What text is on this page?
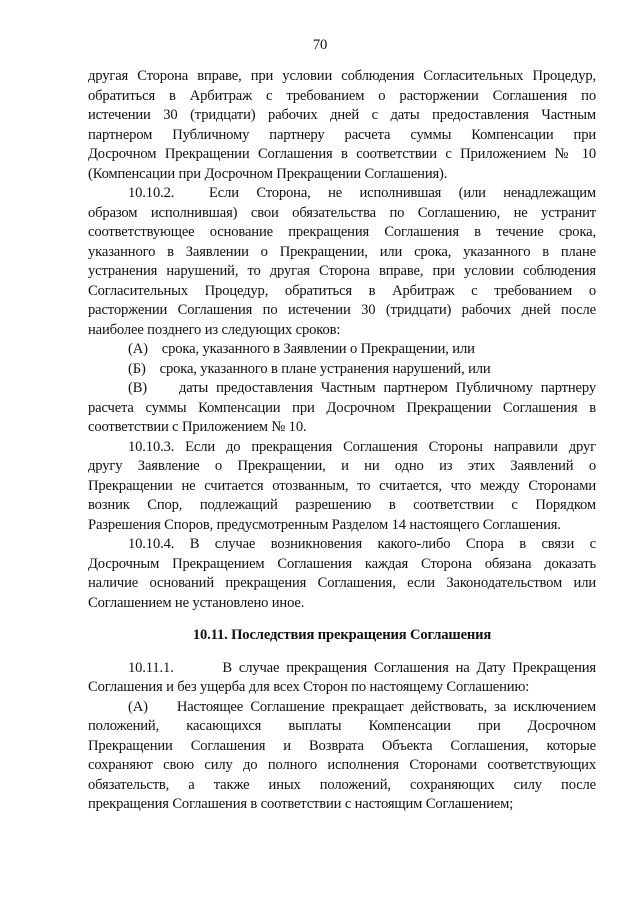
70
другая Сторона вправе, при условии соблюдения Согласительных Процедур,
обратиться в Арбитраж с требованием о расторжении Соглашения по
истечении 30 (тридцати) рабочих дней с даты предоставления Частным
партнером Публичному партнеру расчета суммы Компенсации при
Досрочном Прекращении Соглашения в соответствии с Приложением № 10
(Компенсации при Досрочном Прекращении Соглашения).
10.10.2.  Если Сторона, не исполнившая (или ненадлежащим
образом исполнившая) свои обязательства по Соглашению, не устранит
соответствующее основание прекращения Соглашения в течение срока,
указанного в Заявлении о Прекращении, или срока, указанного в плане
устранения нарушений, то другая Сторона вправе, при условии соблюдения
Согласительных Процедур, обратиться в Арбитраж с требованием о
расторжении Соглашения по истечении 30 (тридцати) рабочих дней после
наиболее позднего из следующих сроков:
(А)    срока, указанного в Заявлении о Прекращении, или
(Б)    срока, указанного в плане устранения нарушений, или
(В)    даты предоставления Частным партнером Публичному партнеру
расчета суммы Компенсации при Досрочном Прекращении Соглашения в
соответствии с Приложением № 10.
10.10.3. Если до прекращения Соглашения Стороны направили друг
другу Заявление о Прекращении, и ни одно из этих Заявлений о
Прекращении не считается отозванным, то считается, что между Сторонами
возник Спор, подлежащий разрешению в соответствии с Порядком
Разрешения Споров, предусмотренным Разделом 14 настоящего Соглашения.
10.10.4. В случае возникновения какого-либо Спора в связи с
Досрочным Прекращением Соглашения каждая Сторона обязана доказать
наличие оснований прекращения Соглашения, если Законодательством или
Соглашением не установлено иное.
10.11. Последствия прекращения Соглашения
10.11.1.       В случае прекращения Соглашения на Дату Прекращения
Соглашения и без ущерба для всех Сторон по настоящему Соглашению:
(А)    Настоящее Соглашение прекращает действовать, за исключением
положений, касающихся выплаты Компенсации при Досрочном
Прекращении Соглашения и Возврата Объекта Соглашения, которые
сохраняют свою силу до полного исполнения Сторонами соответствующих
обязательств, а также иных положений, сохраняющих силу после
прекращения Соглашения в соответствии с настоящим Соглашением;
